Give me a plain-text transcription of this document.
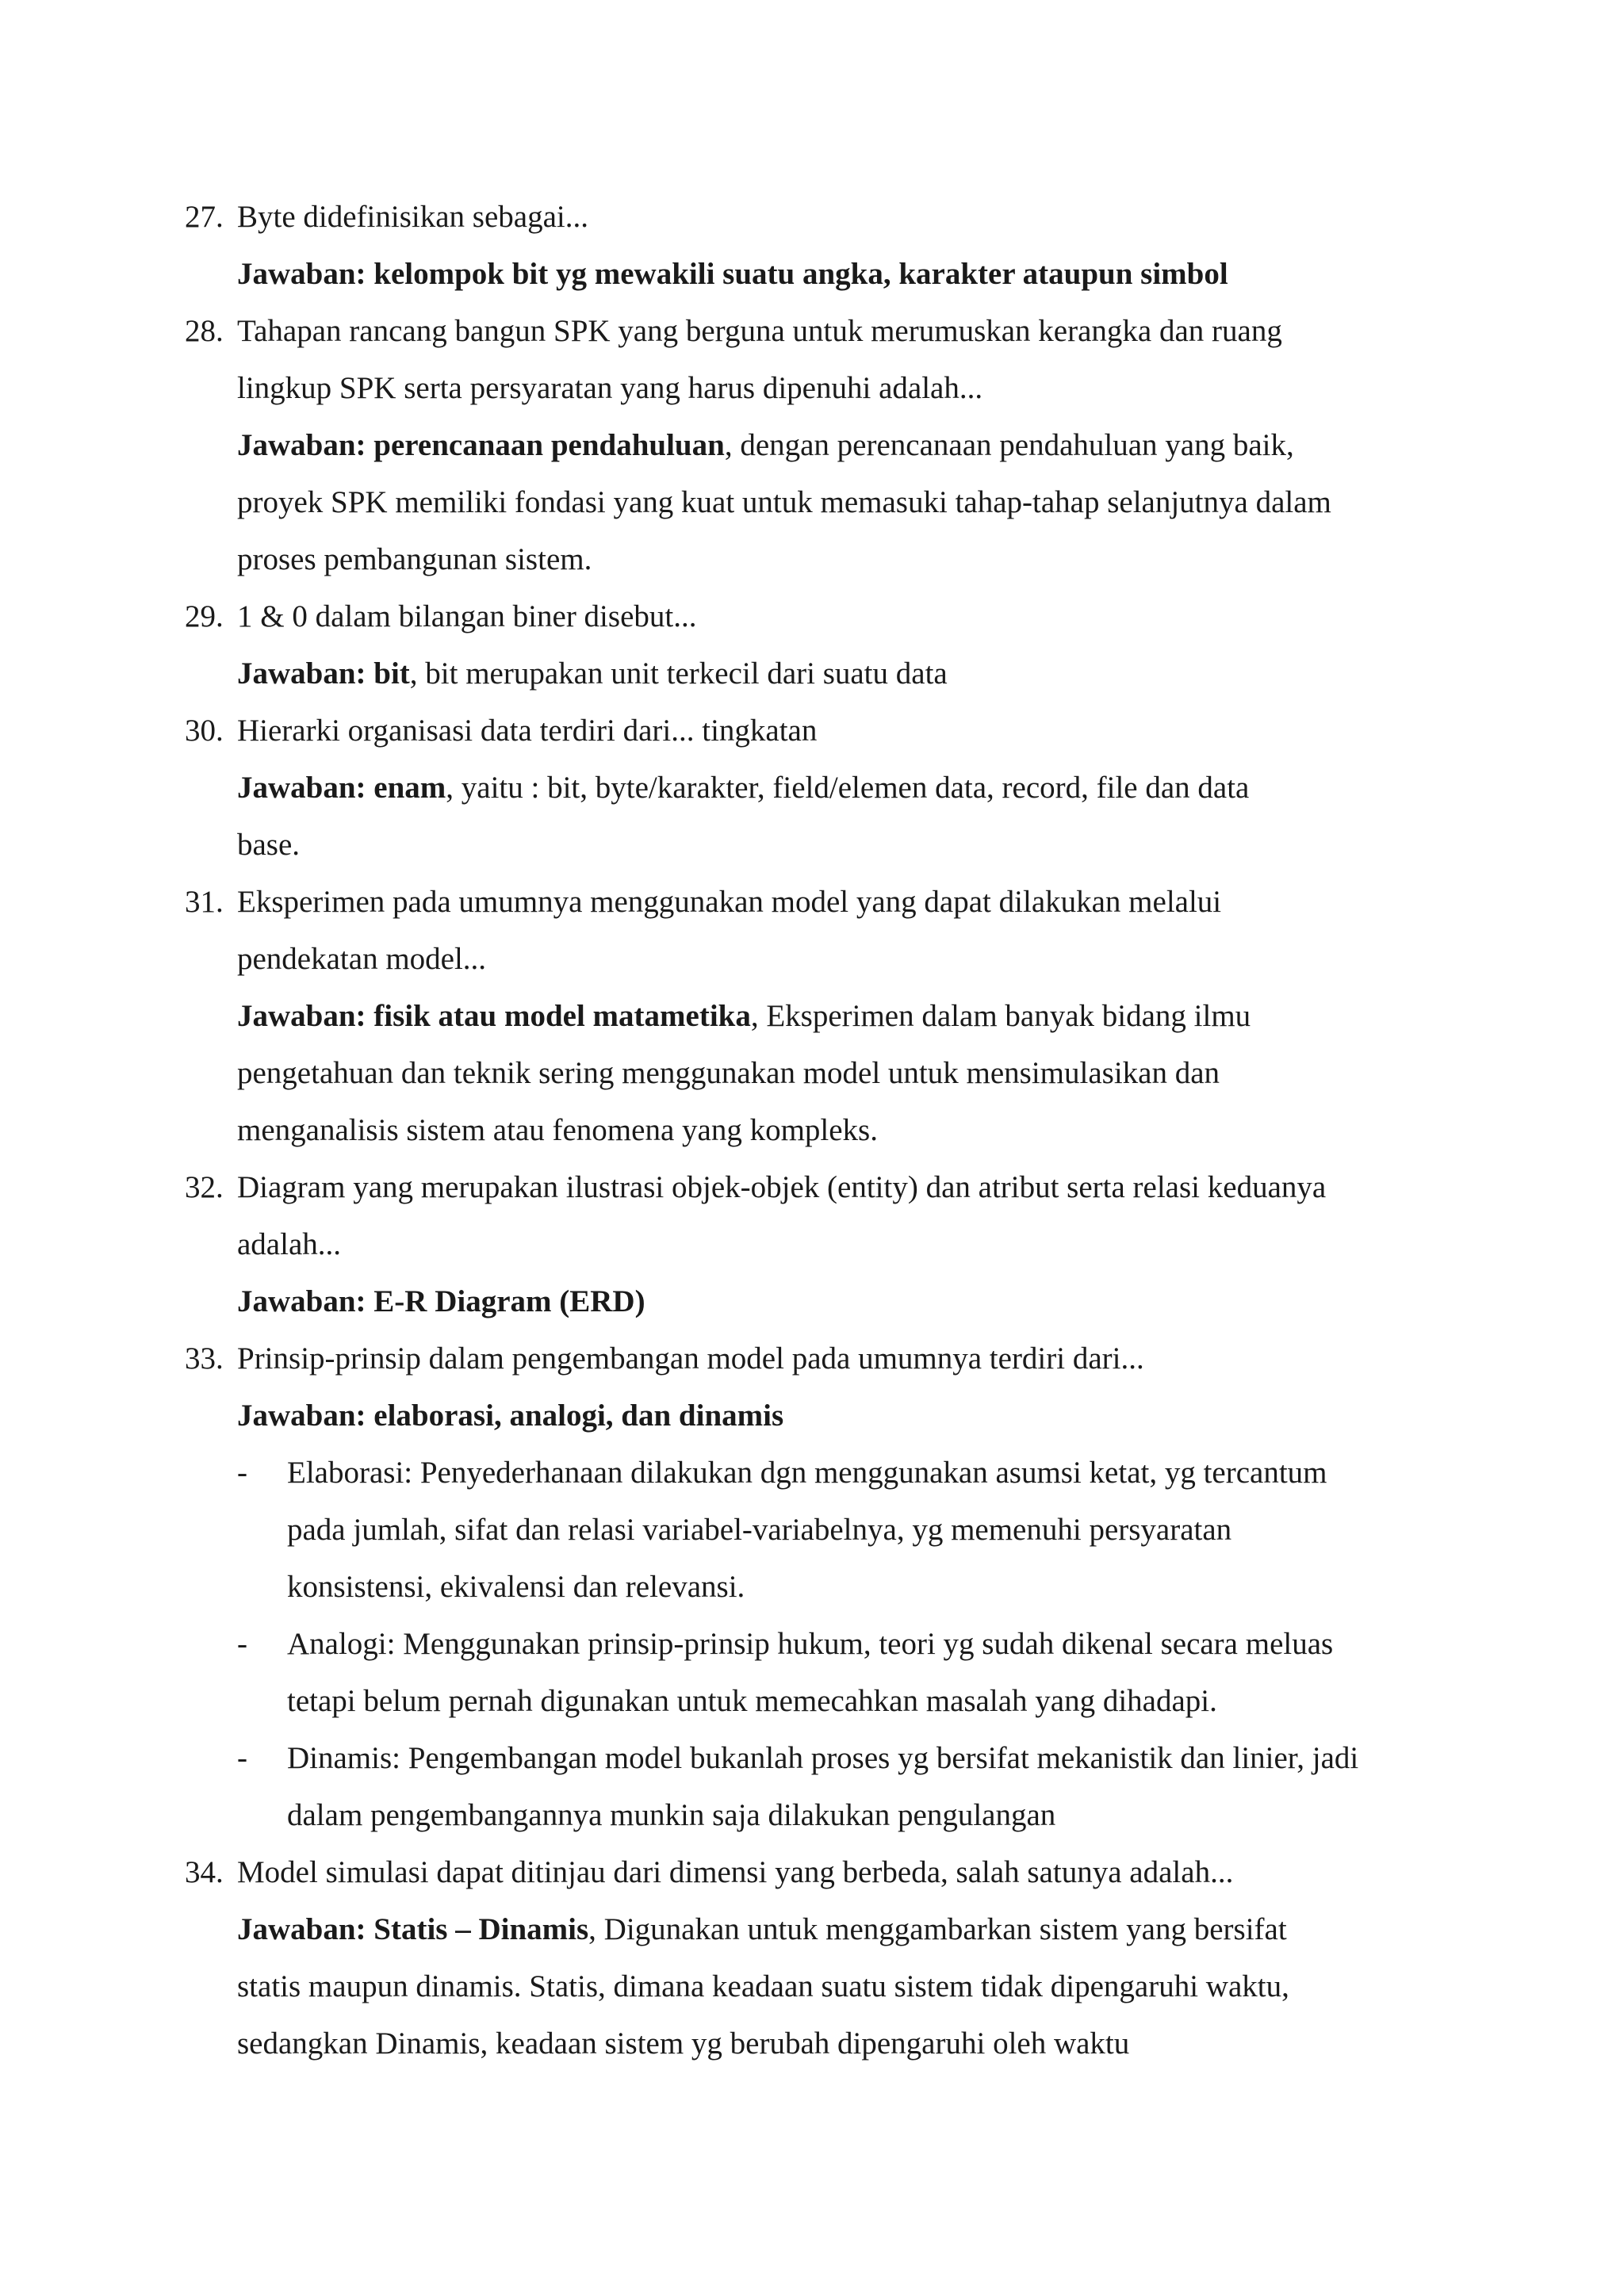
27. Byte didefinisikan sebagai...
Jawaban: kelompok bit yg mewakili suatu angka, karakter ataupun simbol
28. Tahapan rancang bangun SPK yang berguna untuk merumuskan kerangka dan ruang
lingkup SPK serta persyaratan yang harus dipenuhi adalah...
Jawaban: perencanaan pendahuluan, dengan perencanaan pendahuluan yang baik,
proyek SPK memiliki fondasi yang kuat untuk memasuki tahap-tahap selanjutnya dalam
proses pembangunan sistem.
29. 1 & 0 dalam bilangan biner disebut...
Jawaban: bit, bit merupakan unit terkecil dari suatu data
30. Hierarki organisasi data terdiri dari... tingkatan
Jawaban: enam, yaitu : bit, byte/karakter, field/elemen data, record, file dan data
base.
31. Eksperimen pada umumnya menggunakan model yang dapat dilakukan melalui
pendekatan model...
Jawaban: fisik atau model matametika, Eksperimen dalam banyak bidang ilmu
pengetahuan dan teknik sering menggunakan model untuk mensimulasikan dan
menganalisis sistem atau fenomena yang kompleks.
32. Diagram yang merupakan ilustrasi objek-objek (entity) dan atribut serta relasi keduanya
adalah...
Jawaban: E-R Diagram (ERD)
33. Prinsip-prinsip dalam pengembangan model pada umumnya terdiri dari...
Jawaban: elaborasi, analogi, dan dinamis
- Elaborasi: Penyederhanaan dilakukan dgn menggunakan asumsi ketat, yg tercantum
pada jumlah, sifat dan relasi variabel-variabelnya, yg memenuhi persyaratan
konsistensi, ekivalensi dan relevansi.
- Analogi: Menggunakan prinsip-prinsip hukum, teori yg sudah dikenal secara meluas
tetapi belum pernah digunakan untuk memecahkan masalah yang dihadapi.
- Dinamis: Pengembangan model bukanlah proses yg bersifat mekanistik dan linier, jadi
dalam pengembangannya munkin saja dilakukan pengulangan
34. Model simulasi dapat ditinjau dari dimensi yang berbeda, salah satunya adalah...
Jawaban: Statis – Dinamis, Digunakan untuk menggambarkan sistem yang bersifat
statis maupun dinamis. Statis, dimana keadaan suatu sistem tidak dipengaruhi waktu,
sedangkan Dinamis, keadaan sistem yg berubah dipengaruhi oleh waktu
